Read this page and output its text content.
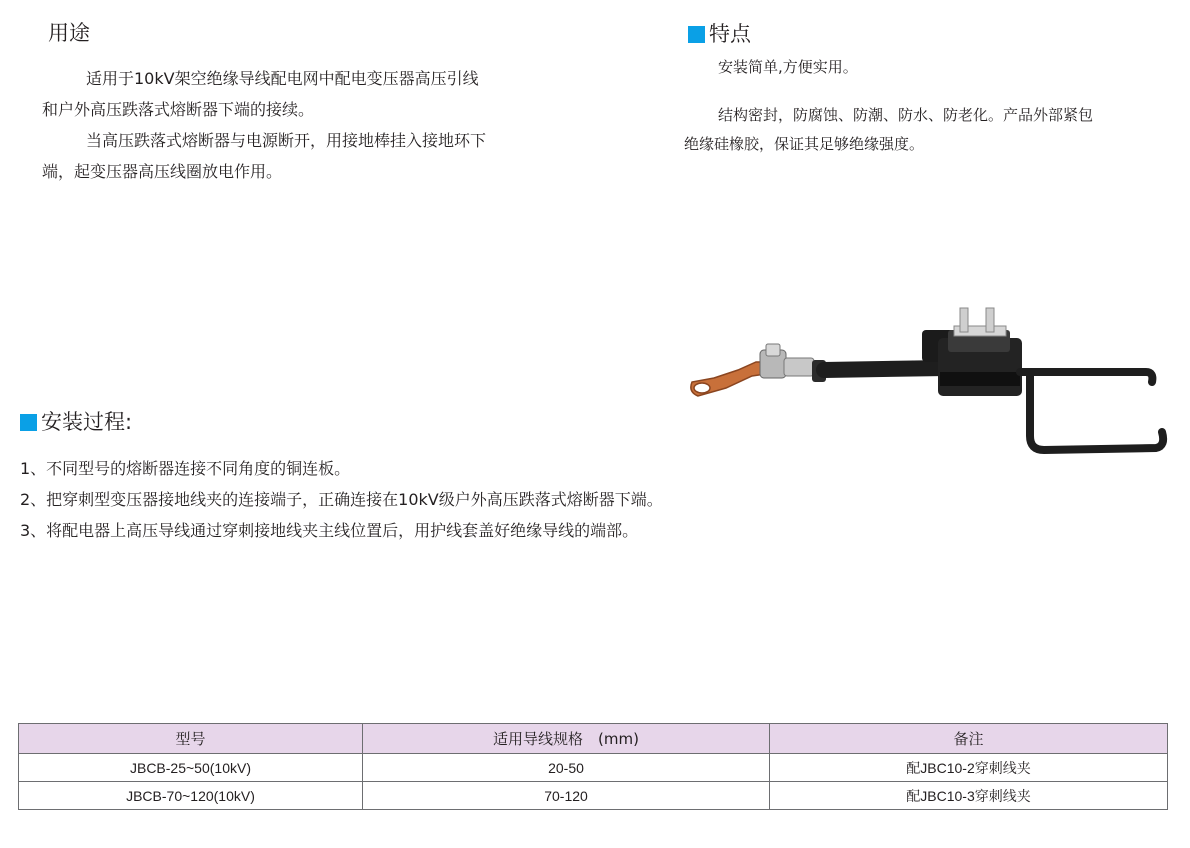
用途
适用于10kV架空绝缘导线配电网中配电变压器高压引线
和户外高压跌落式熔断器下端的接续。
当高压跌落式熔断器与电源断开，用接地棒挂入接地环下
端，起变压器高压线圈放电作用。
特点
安装简单,方便实用。
结构密封，防腐蚀、防潮、防水、防老化。产品外部紧包
绝缘硅橡胶，保证其足够绝缘强度。
安装过程:
1、不同型号的熔断器连接不同角度的铜连板。
2、把穿刺型变压器接地线夹的连接端子，正确连接在10kV级户外高压跌落式熔断器下端。
3、将配电器上高压导线通过穿刺接地线夹主线位置后，用护线套盖好绝缘导线的端部。
型号	适用导线规格　(mm)	备注
JBCB-25~50(10kV)	20-50	配JBC10-2穿刺线夹
JBCB-70~120(10kV)	70-120	配JBC10-3穿刺线夹
